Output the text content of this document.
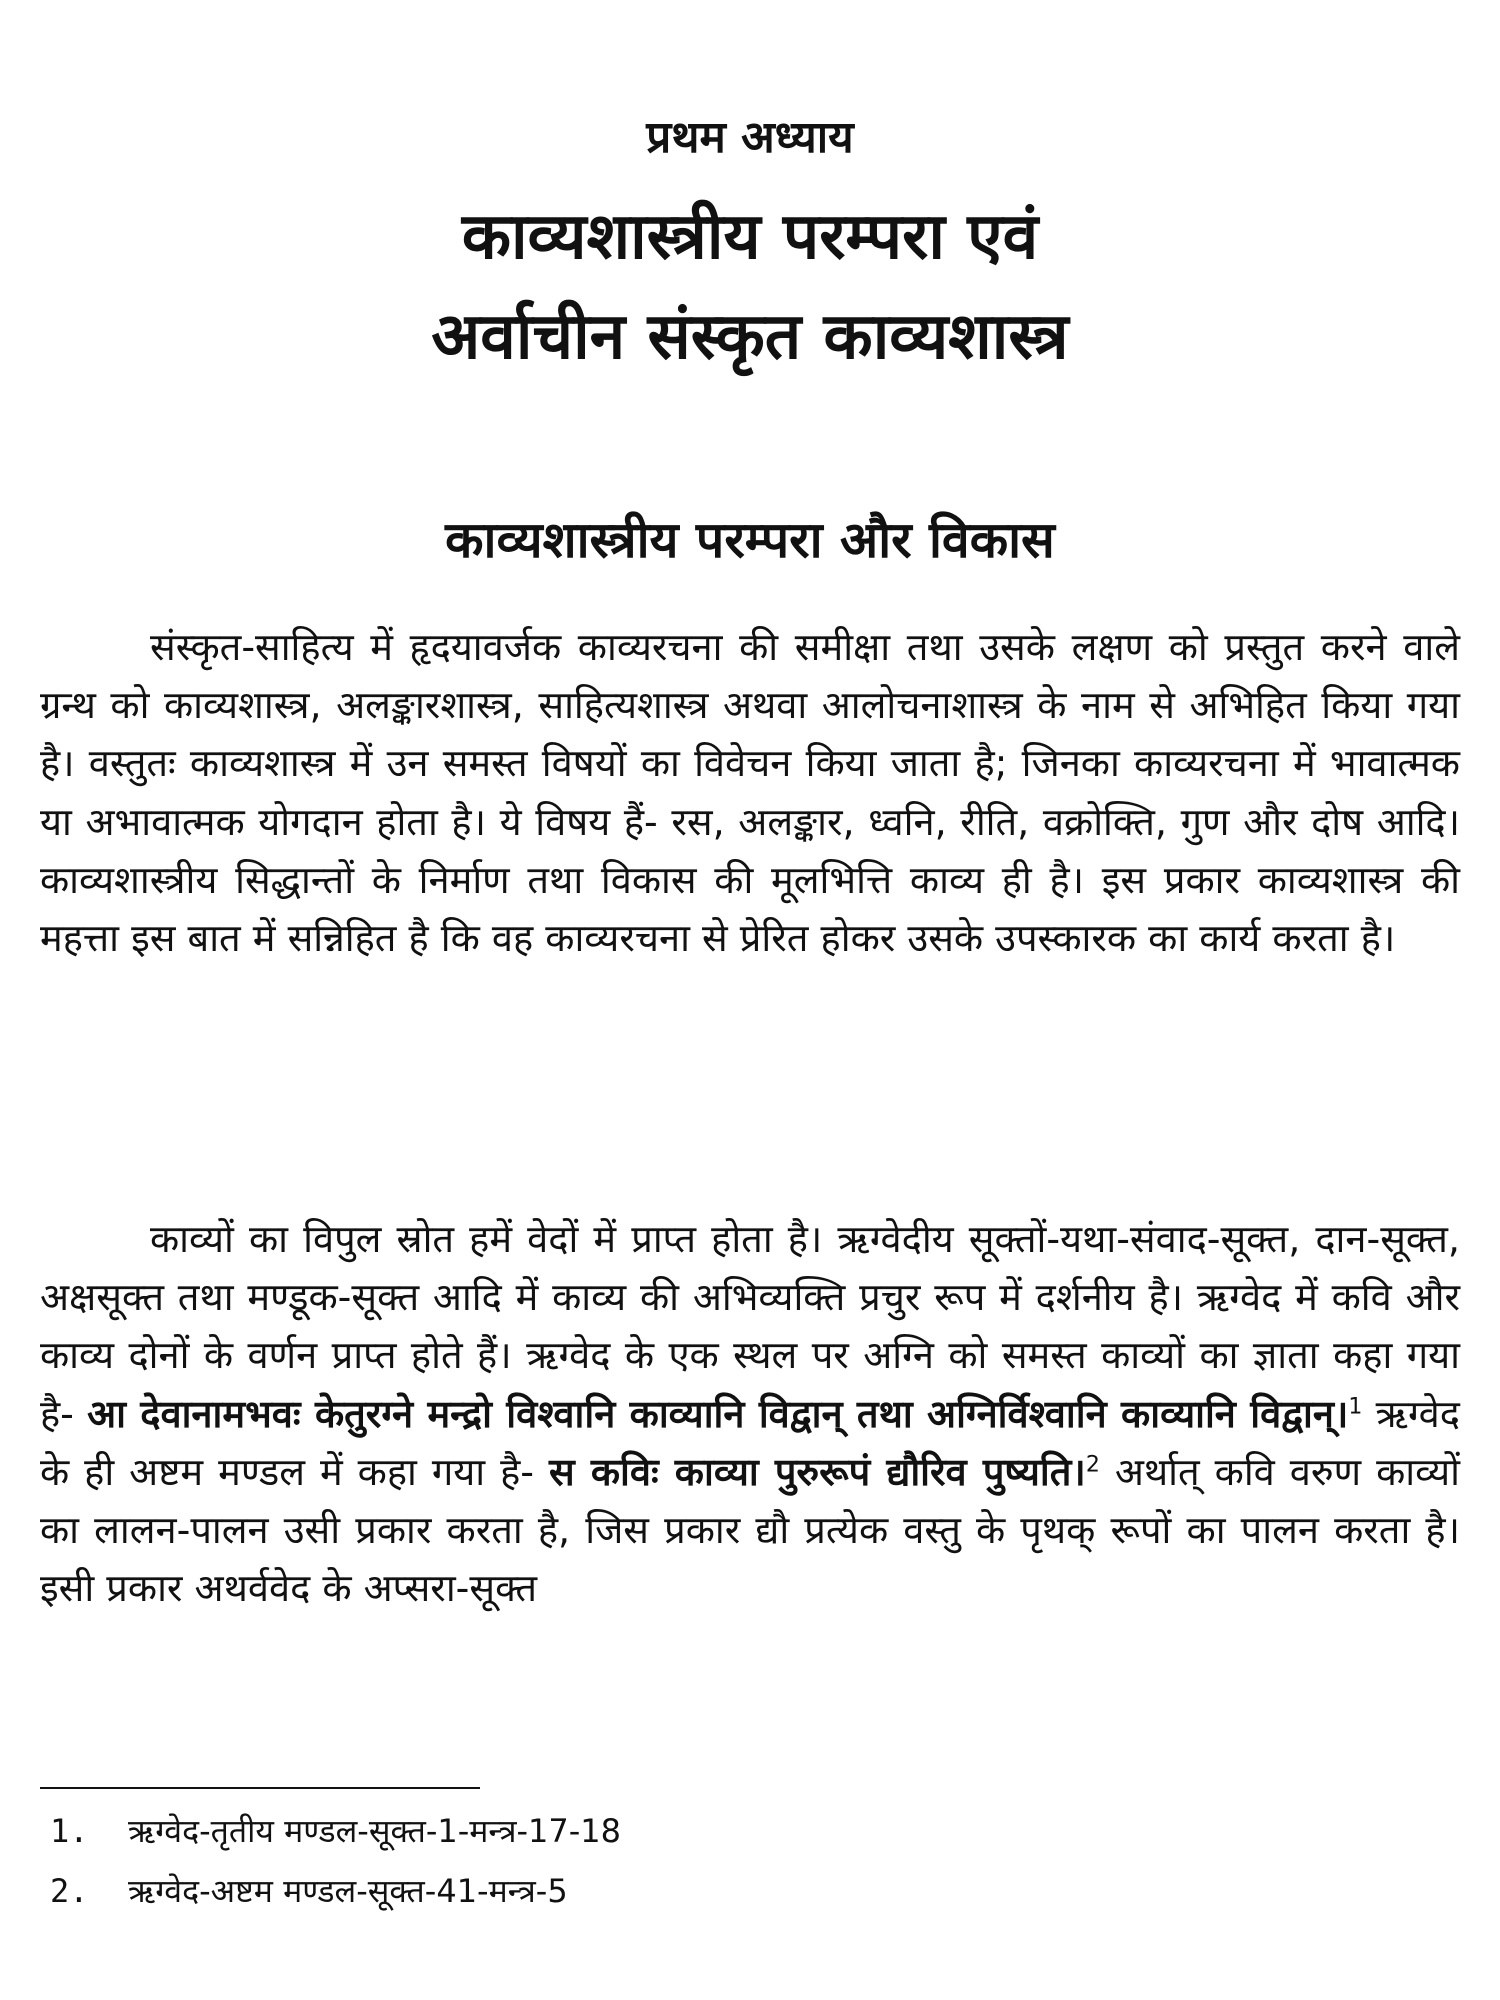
प्रथम अध्याय
काव्यशास्त्रीय परम्परा एवं
अर्वाचीन संस्कृत काव्यशास्त्र
काव्यशास्त्रीय परम्परा और विकास

संस्कृत-साहित्य में हृदयावर्जक काव्यरचना की समीक्षा तथा उसके लक्षण को प्रस्तुत करने वाले ग्रन्थ को काव्यशास्त्र, अलङ्कारशास्त्र, साहित्यशास्त्र अथवा आलोचनाशास्त्र के नाम से अभिहित किया गया है। वस्तुतः काव्यशास्त्र में उन समस्त विषयों का विवेचन किया जाता है; जिनका काव्यरचना में भावात्मक या अभावात्मक योगदान होता है। ये विषय हैं- रस, अलङ्कार, ध्वनि, रीति, वक्रोक्ति, गुण और दोष आदि। काव्यशास्त्रीय सिद्धान्तों के निर्माण तथा विकास की मूलभित्ति काव्य ही है। इस प्रकार काव्यशास्त्र की महत्ता इस बात में सन्निहित है कि वह काव्यरचना से प्रेरित होकर उसके उपस्कारक का कार्य करता है।

काव्यों का विपुल स्रोत हमें वेदों में प्राप्त होता है। ऋग्वेदीय सूक्तों-यथा-संवाद-सूक्त, दान-सूक्त, अक्षसूक्त तथा मण्डूक-सूक्त आदि में काव्य की अभिव्यक्ति प्रचुर रूप में दर्शनीय है। ऋग्वेद में कवि और काव्य दोनों के वर्णन प्राप्त होते हैं। ऋग्वेद के एक स्थल पर अग्नि को समस्त काव्यों का ज्ञाता कहा गया है- आ देवानामभवः केतुरग्ने मन्द्रो विश्वानि काव्यानि विद्वान् तथा अग्निर्विश्वानि काव्यानि विद्वान्।$^1$ ऋग्वेद के ही अष्टम मण्डल में कहा गया है- स कविः काव्या पुरुरूपं द्यौरिव पुष्यति।$^2$ अर्थात् कवि वरुण काव्यों का लालन-पालन उसी प्रकार करता है, जिस प्रकार द्यौ प्रत्येक वस्तु के पृथक् रूपों का पालन करता है। इसी प्रकार अथर्ववेद के अप्सरा-सूक्त

1. ऋग्वेद-तृतीय मण्डल-सूक्त-1-मन्त्र-17-18
2. ऋग्वेद-अष्टम मण्डल-सूक्त-41-मन्त्र-5
